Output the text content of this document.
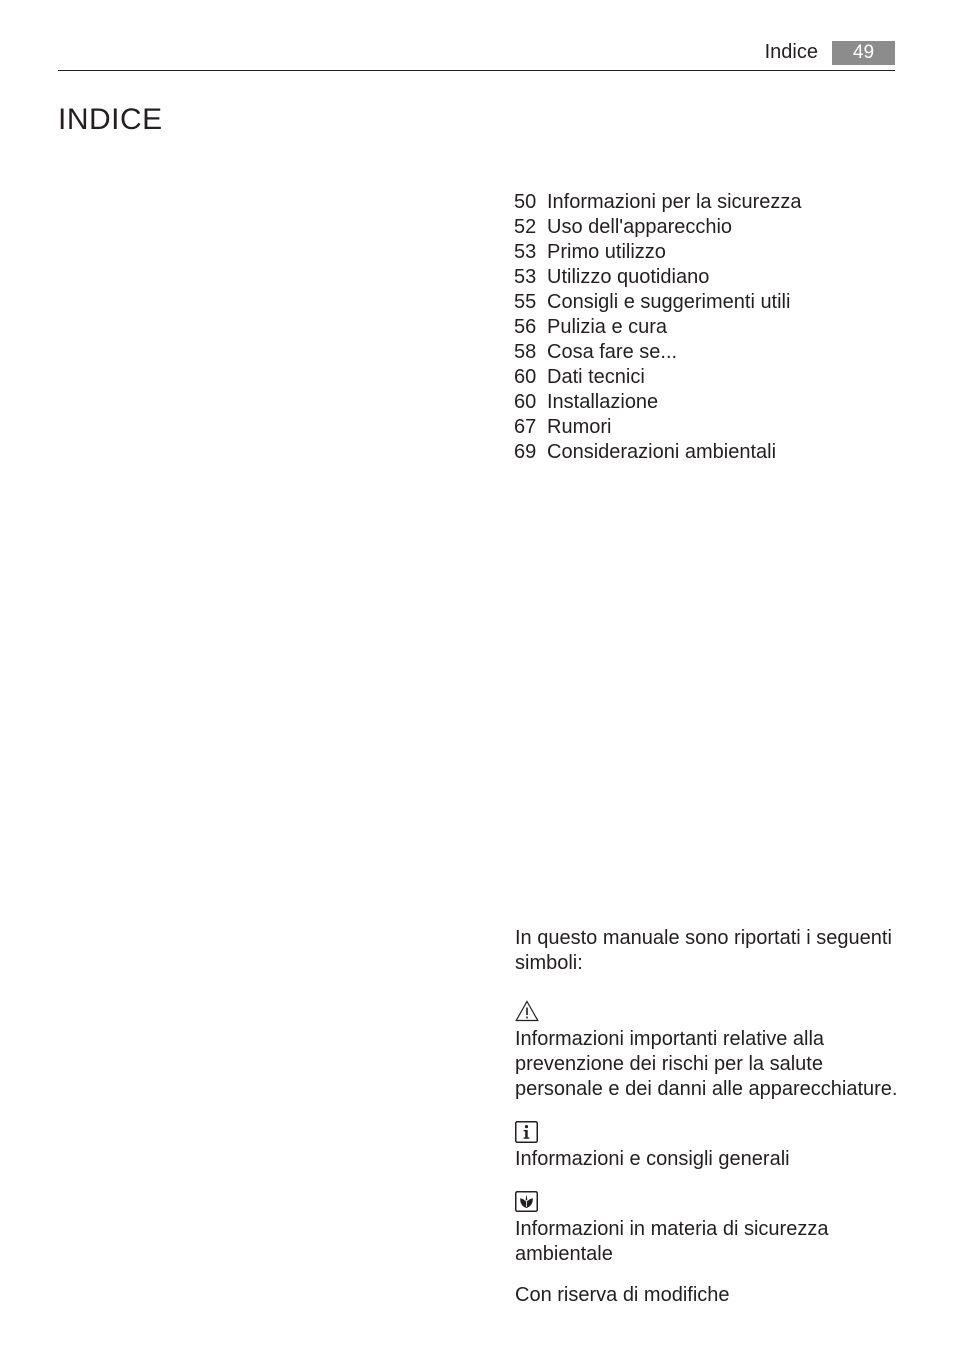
Indice	49
INDICE
50 Informazioni per la sicurezza
52 Uso dell'apparecchio
53 Primo utilizzo
53 Utilizzo quotidiano
55 Consigli e suggerimenti utili
56 Pulizia e cura
58 Cosa fare se...
60 Dati tecnici
60 Installazione
67 Rumori
69 Considerazioni ambientali

In questo manuale sono riportati i seguenti simboli:

Informazioni importanti relative alla prevenzione dei rischi per la salute personale e dei danni alle apparecchiature.

Informazioni e consigli generali

Informazioni in materia di sicurezza ambientale

Con riserva di modifiche
